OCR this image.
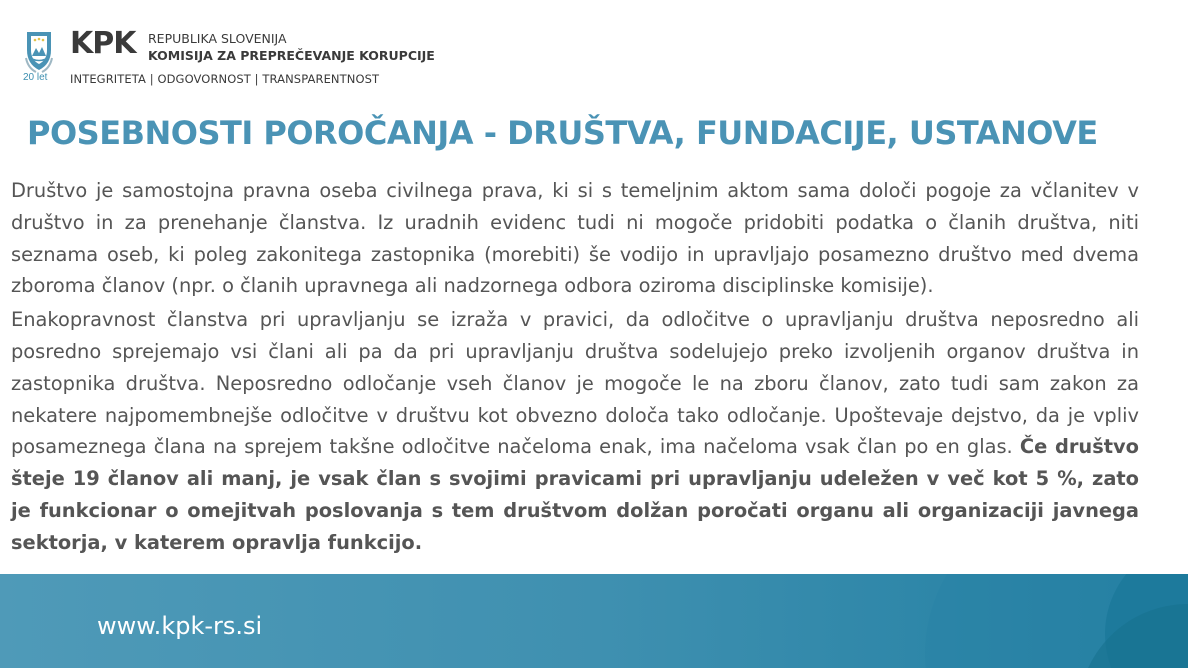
20 let
KPK REPUBLIKA SLOVENIJA
KOMISIJA ZA PREPREČEVANJE KORUPCIJE
INTEGRITETA | ODGOVORNOST | TRANSPARENTNOST
POSEBNOSTI POROČANJA - DRUŠTVA, FUNDACIJE, USTANOVE

Društvo je samostojna pravna oseba civilnega prava, ki si s temeljnim aktom sama določi pogoje za včlanitev v društvo in za prenehanje članstva. Iz uradnih evidenc tudi ni mogoče pridobiti podatka o članih društva, niti seznama oseb, ki poleg zakonitega zastopnika (morebiti) še vodijo in upravljajo posamezno društvo med dvema zboroma članov (npr. o članih upravnega ali nadzornega odbora oziroma disciplinske komisije).

Enakopravnost članstva pri upravljanju se izraža v pravici, da odločitve o upravljanju društva neposredno ali posredno sprejemajo vsi člani ali pa da pri upravljanju društva sodelujejo preko izvoljenih organov društva in zastopnika društva. Neposredno odločanje vseh članov je mogoče le na zboru članov, zato tudi sam zakon za nekatere najpomembnejše odločitve v društvu kot obvezno določa tako odločanje. Upoštevaje dejstvo, da je vpliv posameznega člana na sprejem takšne odločitve načeloma enak, ima načeloma vsak član po en glas. Če društvo šteje 19 članov ali manj, je vsak član s svojimi pravicami pri upravljanju udeležen v več kot 5 %, zato je funkcionar o omejitvah poslovanja s tem društvom dolžan poročati organu ali organizaciji javnega sektorja, v katerem opravlja funkcijo.

www.kpk-rs.si
